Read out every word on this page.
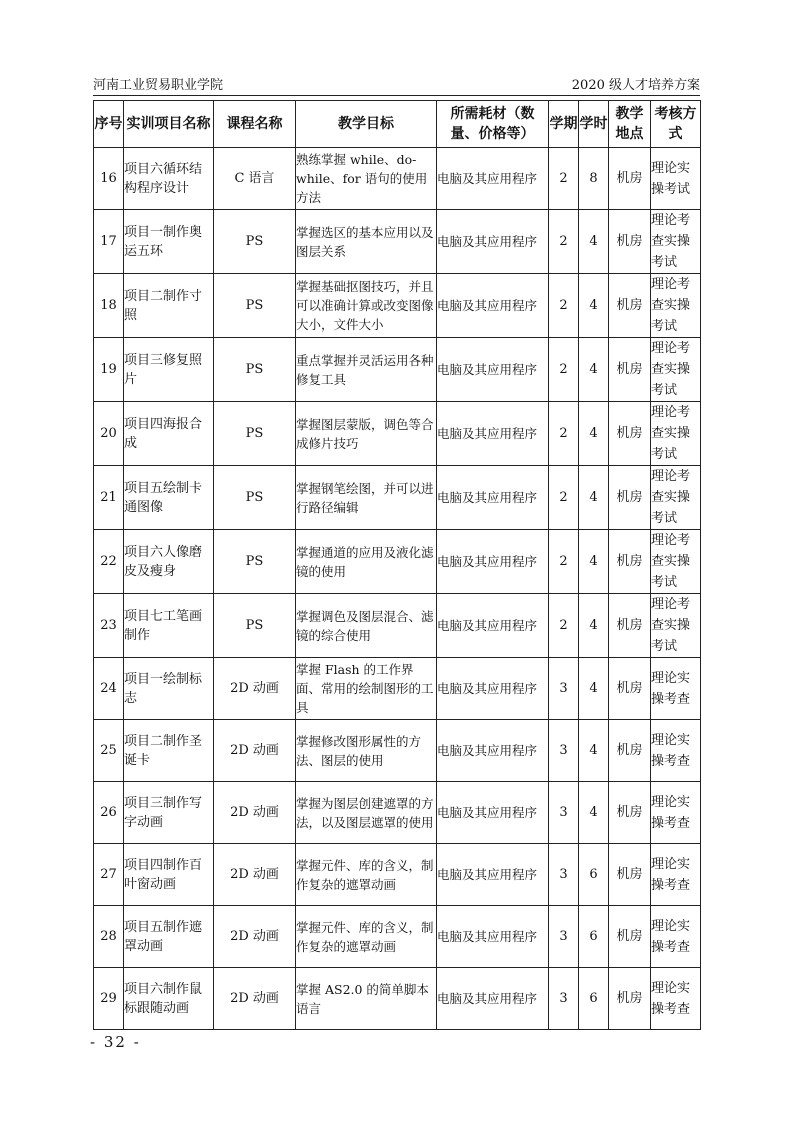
河南工业贸易职业学院	2020 级人才培养方案
序号	实训项目名称	课程名称	教学目标	所需耗材（数量、价格等）	学期	学时	教学地点	考核方式
16	项目六循环结构程序设计	C 语言	熟练掌握 while、do-while、for 语句的使用方法	电脑及其应用程序	2	8	机房	理论实操考试
17	项目一制作奥运五环	PS	掌握选区的基本应用以及图层关系	电脑及其应用程序	2	4	机房	理论考查实操考试
18	项目二制作寸照	PS	掌握基础抠图技巧，并且可以准确计算或改变图像大小，文件大小	电脑及其应用程序	2	4	机房	理论考查实操考试
19	项目三修复照片	PS	重点掌握并灵活运用各种修复工具	电脑及其应用程序	2	4	机房	理论考查实操考试
20	项目四海报合成	PS	掌握图层蒙版，调色等合成修片技巧	电脑及其应用程序	2	4	机房	理论考查实操考试
21	项目五绘制卡通图像	PS	掌握钢笔绘图，并可以进行路径编辑	电脑及其应用程序	2	4	机房	理论考查实操考试
22	项目六人像磨皮及瘦身	PS	掌握通道的应用及液化滤镜的使用	电脑及其应用程序	2	4	机房	理论考查实操考试
23	项目七工笔画制作	PS	掌握调色及图层混合、滤镜的综合使用	电脑及其应用程序	2	4	机房	理论考查实操考试
24	项目一绘制标志	2D 动画	掌握 Flash 的工作界面、常用的绘制图形的工具	电脑及其应用程序	3	4	机房	理论实操考查
25	项目二制作圣诞卡	2D 动画	掌握修改图形属性的方法、图层的使用	电脑及其应用程序	3	4	机房	理论实操考查
26	项目三制作写字动画	2D 动画	掌握为图层创建遮罩的方法，以及图层遮罩的使用	电脑及其应用程序	3	4	机房	理论实操考查
27	项目四制作百叶窗动画	2D 动画	掌握元件、库的含义，制作复杂的遮罩动画	电脑及其应用程序	3	6	机房	理论实操考查
28	项目五制作遮罩动画	2D 动画	掌握元件、库的含义，制作复杂的遮罩动画	电脑及其应用程序	3	6	机房	理论实操考查
29	项目六制作鼠标跟随动画	2D 动画	掌握 AS2.0 的简单脚本语言	电脑及其应用程序	3	6	机房	理论实操考查
- 32 -
